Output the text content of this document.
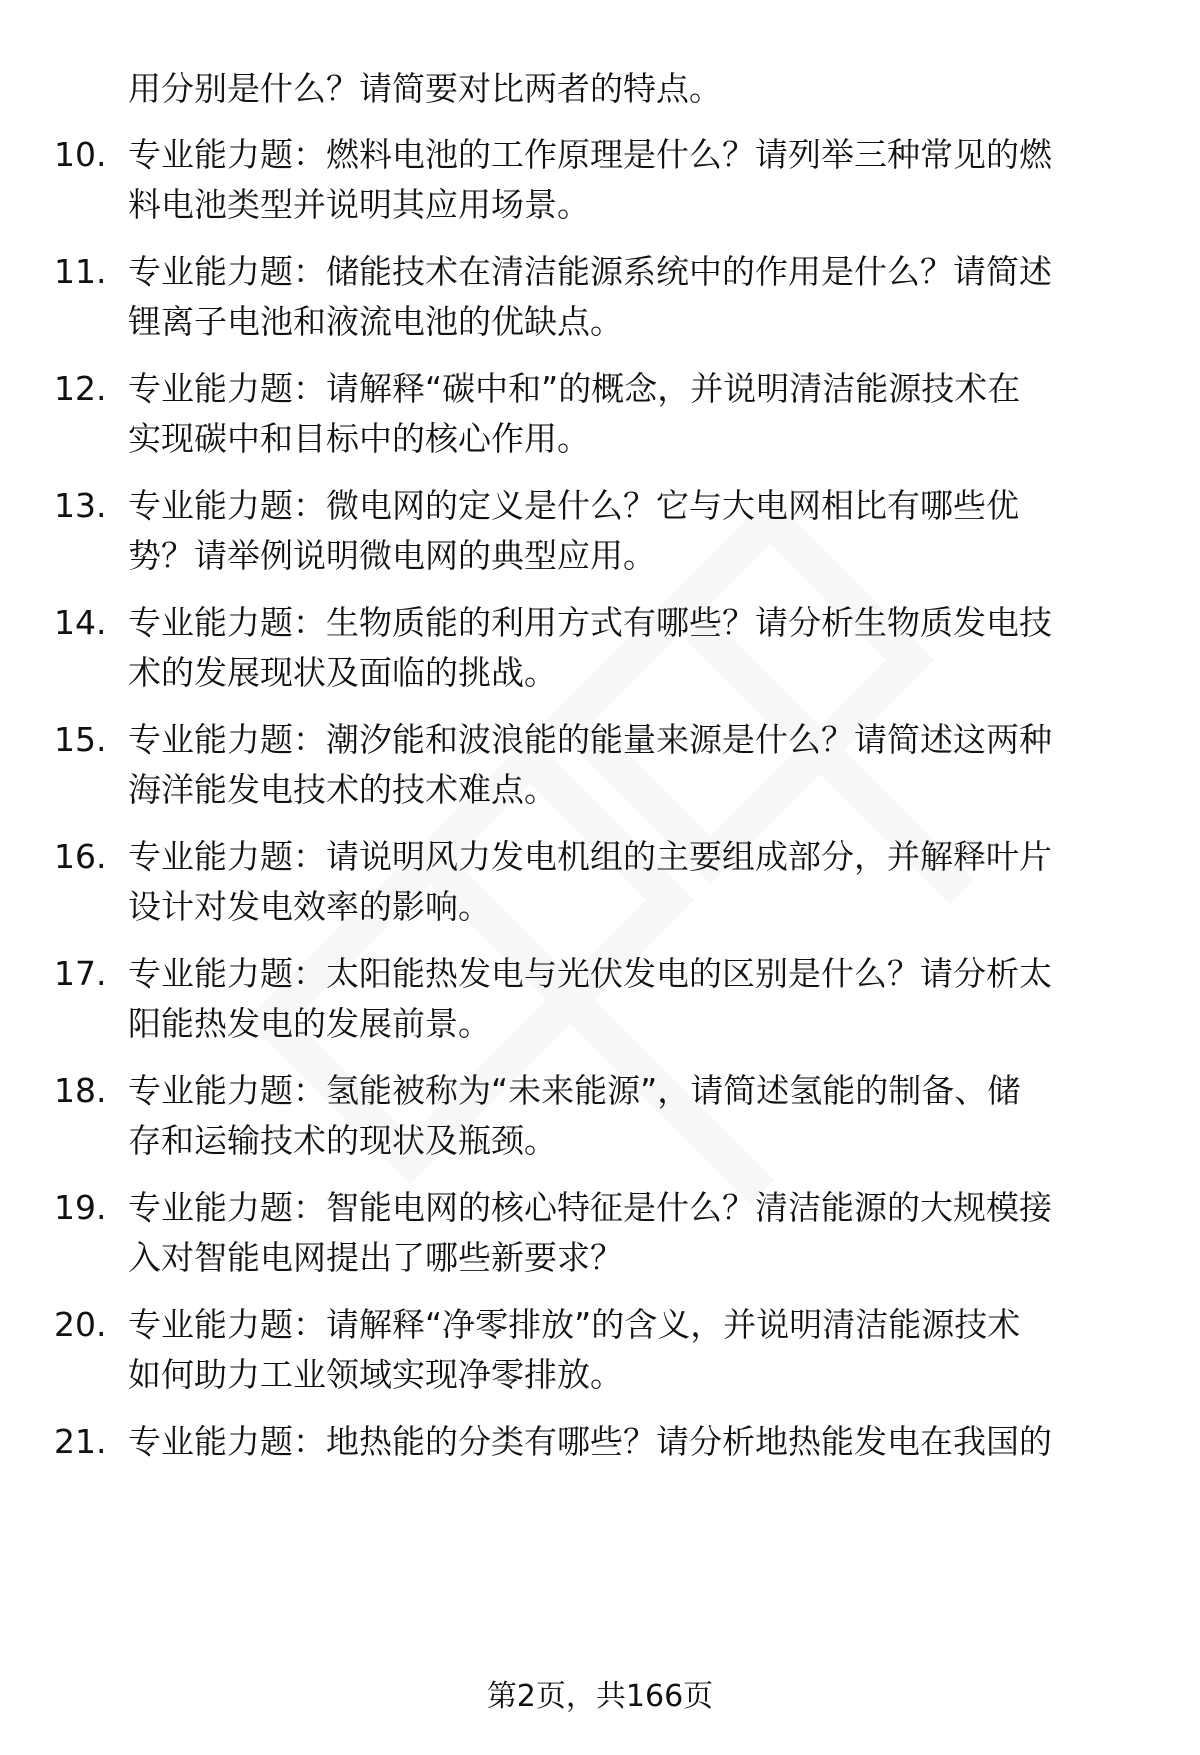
用分别是什么？请简要对比两者的特点。
10. 专业能力题：燃料电池的工作原理是什么？请列举三种常见的燃
料电池类型并说明其应用场景。
11. 专业能力题：储能技术在清洁能源系统中的作用是什么？请简述
锂离子电池和液流电池的优缺点。
12. 专业能力题：请解释“碳中和”的概念，并说明清洁能源技术在
实现碳中和目标中的核心作用。
13. 专业能力题：微电网的定义是什么？它与大电网相比有哪些优
势？请举例说明微电网的典型应用。
14. 专业能力题：生物质能的利用方式有哪些？请分析生物质发电技
术的发展现状及面临的挑战。
15. 专业能力题：潮汐能和波浪能的能量来源是什么？请简述这两种
海洋能发电技术的技术难点。
16. 专业能力题：请说明风力发电机组的主要组成部分，并解释叶片
设计对发电效率的影响。
17. 专业能力题：太阳能热发电与光伏发电的区别是什么？请分析太
阳能热发电的发展前景。
18. 专业能力题：氢能被称为“未来能源”，请简述氢能的制备、储
存和运输技术的现状及瓶颈。
19. 专业能力题：智能电网的核心特征是什么？清洁能源的大规模接
入对智能电网提出了哪些新要求？
20. 专业能力题：请解释“净零排放”的含义，并说明清洁能源技术
如何助力工业领域实现净零排放。
21. 专业能力题：地热能的分类有哪些？请分析地热能发电在我国的
第2页，共166页
